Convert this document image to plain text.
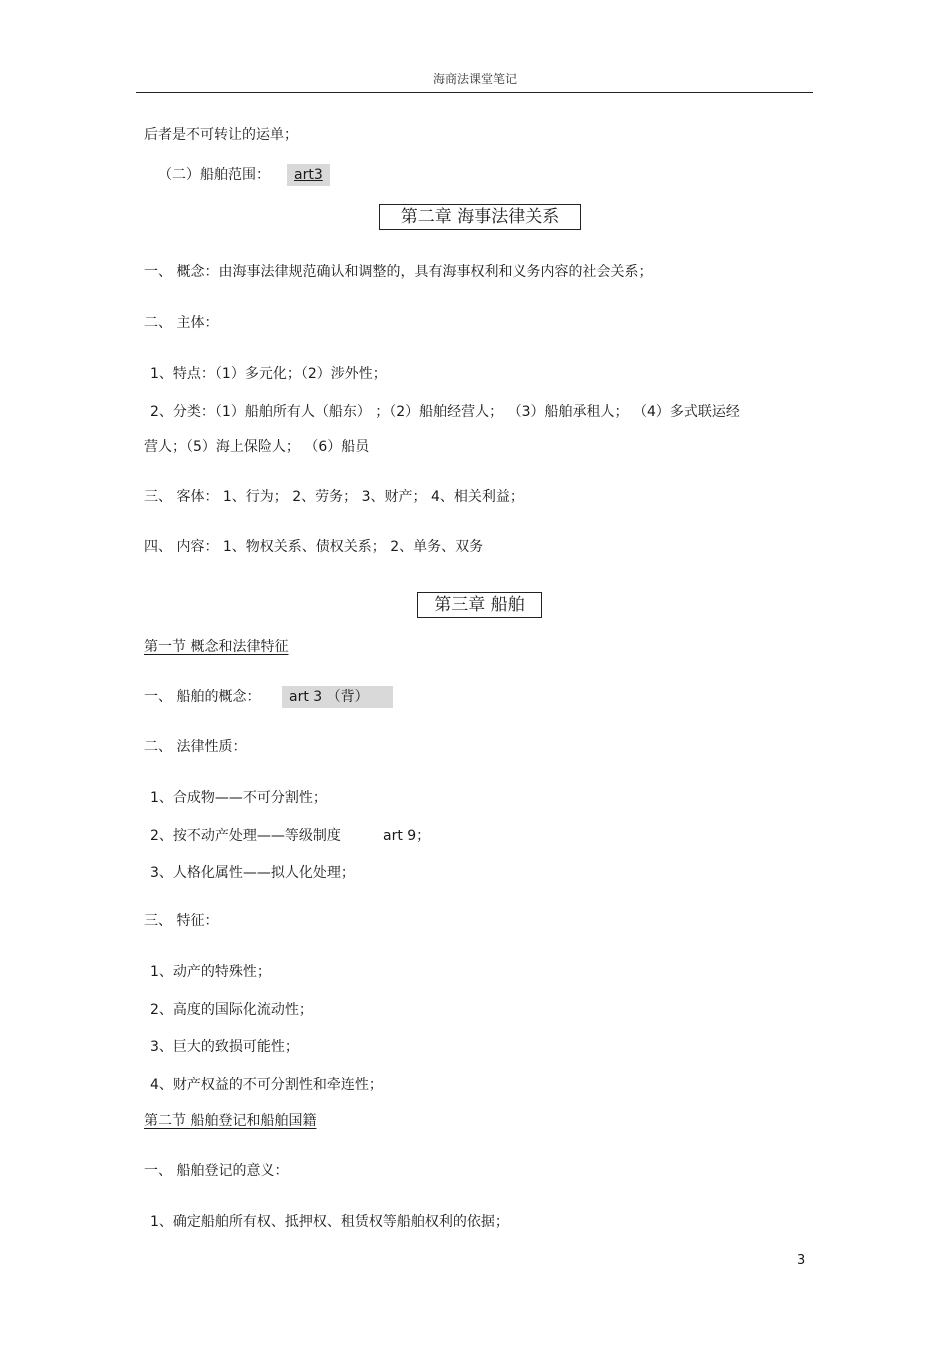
海商法课堂笔记
后者是不可转让的运单；
（二）船舶范围：	art3
第二章 海事法律关系
一、 概念：由海事法律规范确认和调整的，具有海事权利和义务内容的社会关系；
二、 主体：
1、特点：（1）多元化；（2）涉外性；
2、分类：（1）船舶所有人（船东） ；（2）船舶经营人； （3）船舶承租人； （4）多式联运经
营人；（5）海上保险人； （6）船员
三、 客体： 1、行为； 2、劳务； 3、财产； 4、相关利益；
四、 内容： 1、物权关系、债权关系； 2、单务、双务
第三章 船舶
第一节 概念和法律特征
一、 船舶的概念：	art 3 （背）
二、 法律性质：
1、合成物——不可分割性；
2、按不动产处理——等级制度	art 9；
3、人格化属性——拟人化处理；
三、 特征：
1、动产的特殊性；
2、高度的国际化流动性；
3、巨大的致损可能性；
4、财产权益的不可分割性和牵连性；
第二节 船舶登记和船舶国籍
一、 船舶登记的意义：
1、确定船舶所有权、抵押权、租赁权等船舶权利的依据；
3
